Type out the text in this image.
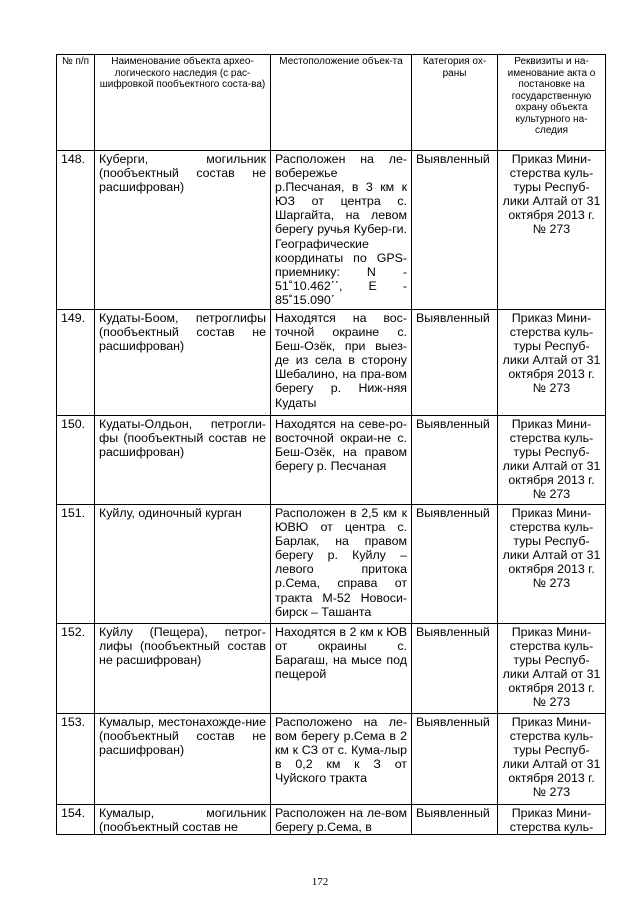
№ п/п	Наименование объекта архео-логического наследия (с рас-шифровкой пообъектного соста-ва)	Местоположение объек-та	Категория ох-раны	Реквизиты и на-именование акта о постановке на государственную охрану объекта культурного на-следия
148.	Куберги, могильник (пообъектный состав не расшифрован)	Расположен на ле-вобережье р.Песчаная, в 3 км к ЮЗ от центра с. Шаргайта, на левом берегу ручья Кубер-ги. Географические координаты по GPS-приемнику: N - 51˚10.462΄΄, E - 85˚15.090΄	Выявленный	Приказ Мини-стерства куль-туры Респуб-лики Алтай от 31 октября 2013 г. № 273
149.	Кудаты-Боом, петроглифы (пообъектный состав не расшифрован)	Находятся на вос-точной окраине с. Беш-Озёк, при выез-де из села в сторону Шебалино, на пра-вом берегу р. Ниж-няя Кудаты	Выявленный	Приказ Мини-стерства куль-туры Респуб-лики Алтай от 31 октября 2013 г. № 273
150.	Кудаты-Олдьон, петрогли-фы (пообъектный состав не расшифрован)	Находятся на севе-ро-восточной окраи-не с. Беш-Озёк, на правом берегу р. Песчаная	Выявленный	Приказ Мини-стерства куль-туры Респуб-лики Алтай от 31 октября 2013 г. № 273
151.	Куйлу, одиночный курган	Расположен в 2,5 км к ЮВЮ от центра с. Барлак, на правом берегу р. Куйлу – левого притока р.Сема, справа от тракта М-52 Новоси-бирск – Ташанта	Выявленный	Приказ Мини-стерства куль-туры Респуб-лики Алтай от 31 октября 2013 г. № 273
152.	Куйлу (Пещера), петрог-лифы (пообъектный состав не расшифрован)	Находятся в 2 км к ЮВ от окраины с. Барагаш, на мысе под пещерой	Выявленный	Приказ Мини-стерства куль-туры Респуб-лики Алтай от 31 октября 2013 г. № 273
153.	Кумалыр, местонахожде-ние (пообъектный состав не расшифрован)	Расположено на ле-вом берегу р.Сема в 2 км к СЗ от с. Кума-лыр в 0,2 км к З от Чуйского тракта	Выявленный	Приказ Мини-стерства куль-туры Респуб-лики Алтай от 31 октября 2013 г. № 273
154.	Кумалыр, могильник (пообъектный состав не	Расположен на ле-вом берегу р.Сема, в	Выявленный	Приказ Мини-стерства куль-
172
